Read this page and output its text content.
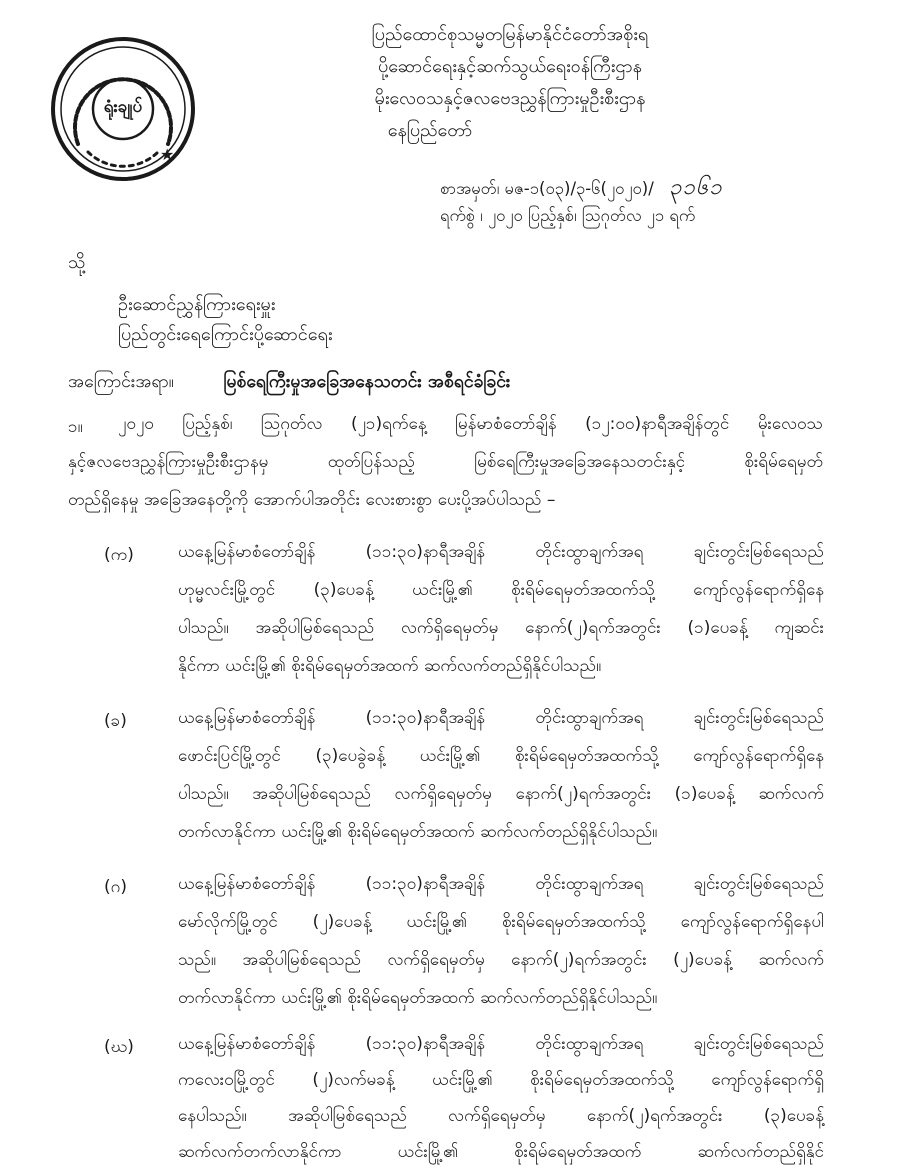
★
ရုံးချုပ်
ပြည်ထောင်စုသမ္မတမြန်မာနိုင်ငံတော်အစိုးရ
ပို့ဆောင်ရေးနှင့်ဆက်သွယ်ရေးဝန်ကြီးဌာန
မိုးလေဝသနှင့်ဇလဗေဒညွှန်ကြားမှုဦးစီးဌာန
နေပြည်တော်
စာအမှတ်၊ မဇ-၁(၀၃)/၃-၆(၂၀၂၀)/ ၃၁၆၁
ရက်စွဲ ၊ ၂၀၂၀ ပြည့်နှစ်၊ ဩဂုတ်လ ၂၁ ရက်
သို့
ဦးဆောင်ညွှန်ကြားရေးမှူး
ပြည်တွင်းရေကြောင်းပို့ဆောင်ရေး
အကြောင်းအရာ။	မြစ်ရေကြီးမှုအခြေအနေသတင်း အစီရင်ခံခြင်း
၁။ ၂၀၂၀ ပြည့်နှစ်၊ ဩဂုတ်လ (၂၁)ရက်နေ့ မြန်မာစံတော်ချိန် (၁၂:၀၀)နာရီအချိန်တွင် မိုးလေဝသ
နှင့်ဇလဗေဒညွှန်ကြားမှုဦးစီးဌာနမှ ထုတ်ပြန်သည့် မြစ်ရေကြီးမှုအခြေအနေသတင်းနှင့် စိုးရိမ်ရေမှတ်
တည်ရှိနေမှု အခြေအနေတို့ကို အောက်ပါအတိုင်း လေးစားစွာ ပေးပို့အပ်ပါသည် –
(က)	ယနေ့မြန်မာစံတော်ချိန် (၁၁:၃၀)နာရီအချိန် တိုင်းထွာချက်အရ ချင်းတွင်းမြစ်ရေသည်
ဟုမ္မလင်းမြို့တွင် (၃)ပေခန့် ယင်းမြို့၏ စိုးရိမ်ရေမှတ်အထက်သို့ ကျော်လွန်ရောက်ရှိနေ
ပါသည်။ အဆိုပါမြစ်ရေသည် လက်ရှိရေမှတ်မှ နောက်(၂)ရက်အတွင်း (၁)ပေခန့် ကျဆင်း
နိုင်ကာ ယင်းမြို့၏ စိုးရိမ်ရေမှတ်အထက် ဆက်လက်တည်ရှိနိုင်ပါသည်။
(ခ)	ယနေ့မြန်မာစံတော်ချိန် (၁၁:၃၀)နာရီအချိန် တိုင်းထွာချက်အရ ချင်းတွင်းမြစ်ရေသည်
ဖောင်းပြင်မြို့တွင် (၃)ပေခွဲခန့် ယင်းမြို့၏ စိုးရိမ်ရေမှတ်အထက်သို့ ကျော်လွန်ရောက်ရှိနေ
ပါသည်။ အဆိုပါမြစ်ရေသည် လက်ရှိရေမှတ်မှ နောက်(၂)ရက်အတွင်း (၁)ပေခန့် ဆက်လက်
တက်လာနိုင်ကာ ယင်းမြို့၏ စိုးရိမ်ရေမှတ်အထက် ဆက်လက်တည်ရှိနိုင်ပါသည်။
(ဂ)	ယနေ့မြန်မာစံတော်ချိန် (၁၁:၃၀)နာရီအချိန် တိုင်းထွာချက်အရ ချင်းတွင်းမြစ်ရေသည်
မော်လိုက်မြို့တွင် (၂)ပေခန့် ယင်းမြို့၏ စိုးရိမ်ရေမှတ်အထက်သို့ ကျော်လွန်ရောက်ရှိနေပါ
သည်။ အဆိုပါမြစ်ရေသည် လက်ရှိရေမှတ်မှ နောက်(၂)ရက်အတွင်း (၂)ပေခန့် ဆက်လက်
တက်လာနိုင်ကာ ယင်းမြို့၏ စိုးရိမ်ရေမှတ်အထက် ဆက်လက်တည်ရှိနိုင်ပါသည်။
(ဃ)	ယနေ့မြန်မာစံတော်ချိန် (၁၁:၃၀)နာရီအချိန် တိုင်းထွာချက်အရ ချင်းတွင်းမြစ်ရေသည်
ကလေးဝမြို့တွင် (၂)လက်မခန့် ယင်းမြို့၏ စိုးရိမ်ရေမှတ်အထက်သို့ ကျော်လွန်ရောက်ရှိ
နေပါသည်။ အဆိုပါမြစ်ရေသည် လက်ရှိရေမှတ်မှ နောက်(၂)ရက်အတွင်း (၃)ပေခန့်
ဆက်လက်တက်လာနိုင်ကာ ယင်းမြို့၏ စိုးရိမ်ရေမှတ်အထက် ဆက်လက်တည်ရှိနိုင်
